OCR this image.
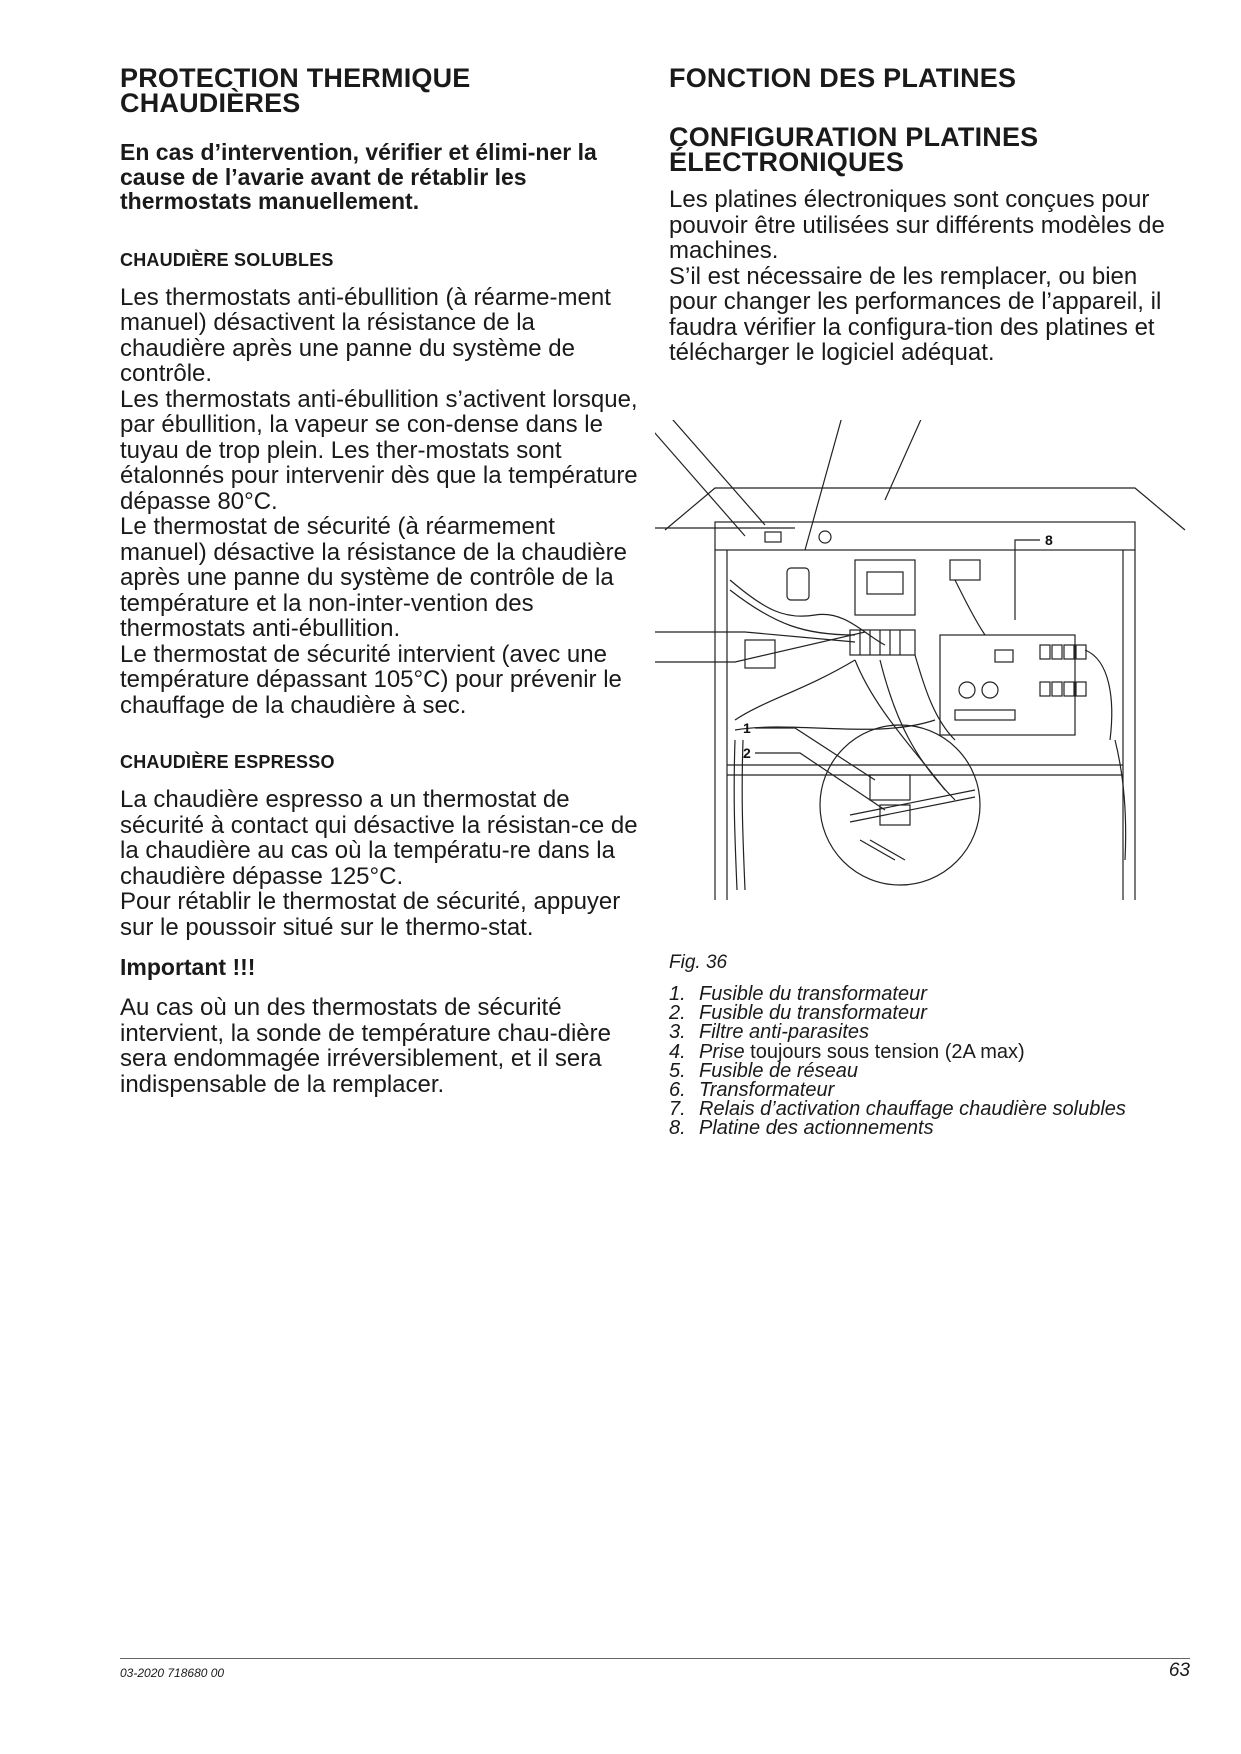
PROTECTION THERMIQUE
CHAUDIÈRES

En cas d’intervention, vérifier et élimi-ner la cause de l’avarie avant de rétablir les thermostats manuellement.

CHAUDIÈRE SOLUBLES

Les thermostats anti-ébullition (à réarme-ment manuel) désactivent la résistance de la chaudière après une panne du système de contrôle.

Les thermostats anti-ébullition s’activent lorsque, par ébullition, la vapeur se con-dense dans le tuyau de trop plein. Les ther-mostats sont étalonnés pour intervenir dès que la température dépasse 80°C.

Le thermostat de sécurité (à réarmement manuel) désactive la résistance de la chaudière après une panne du système de contrôle de la température et la non-inter-vention des thermostats anti-ébullition.

Le thermostat de sécurité intervient (avec une température dépassant 105°C) pour prévenir le chauffage de la chaudière à sec.

CHAUDIÈRE ESPRESSO

La chaudière espresso a un thermostat de sécurité à contact qui désactive la résistan-ce de la chaudière au cas où la températu-re dans la chaudière dépasse 125°C.

Pour rétablir le thermostat de sécurité, appuyer sur le poussoir situé sur le thermo-stat.

Important !!!

Au cas où un des thermostats de sécurité intervient, la sonde de température chau-dière sera endommagée irréversiblement, et il sera indispensable de la remplacer.

FONCTION DES PLATINES
CONFIGURATION PLATINES
ÉLECTRONIQUES

Les platines électroniques sont conçues pour pouvoir être utilisées sur différents modèles de machines.

S’il est nécessaire de les remplacer, ou bien pour changer les performances de l’appareil, il faudra vérifier la configura-tion des platines et télécharger le logiciel adéquat.

8
1
2
Fig. 36
1. Fusible du transformateur
2. Fusible du transformateur
3. Filtre anti-parasites
4. Prise toujours sous tension (2A max)
5. Fusible de réseau
6. Transformateur
7. Relais d’activation chauffage chaudière solubles
8. Platine des actionnements
03-2020 718680 00	63
